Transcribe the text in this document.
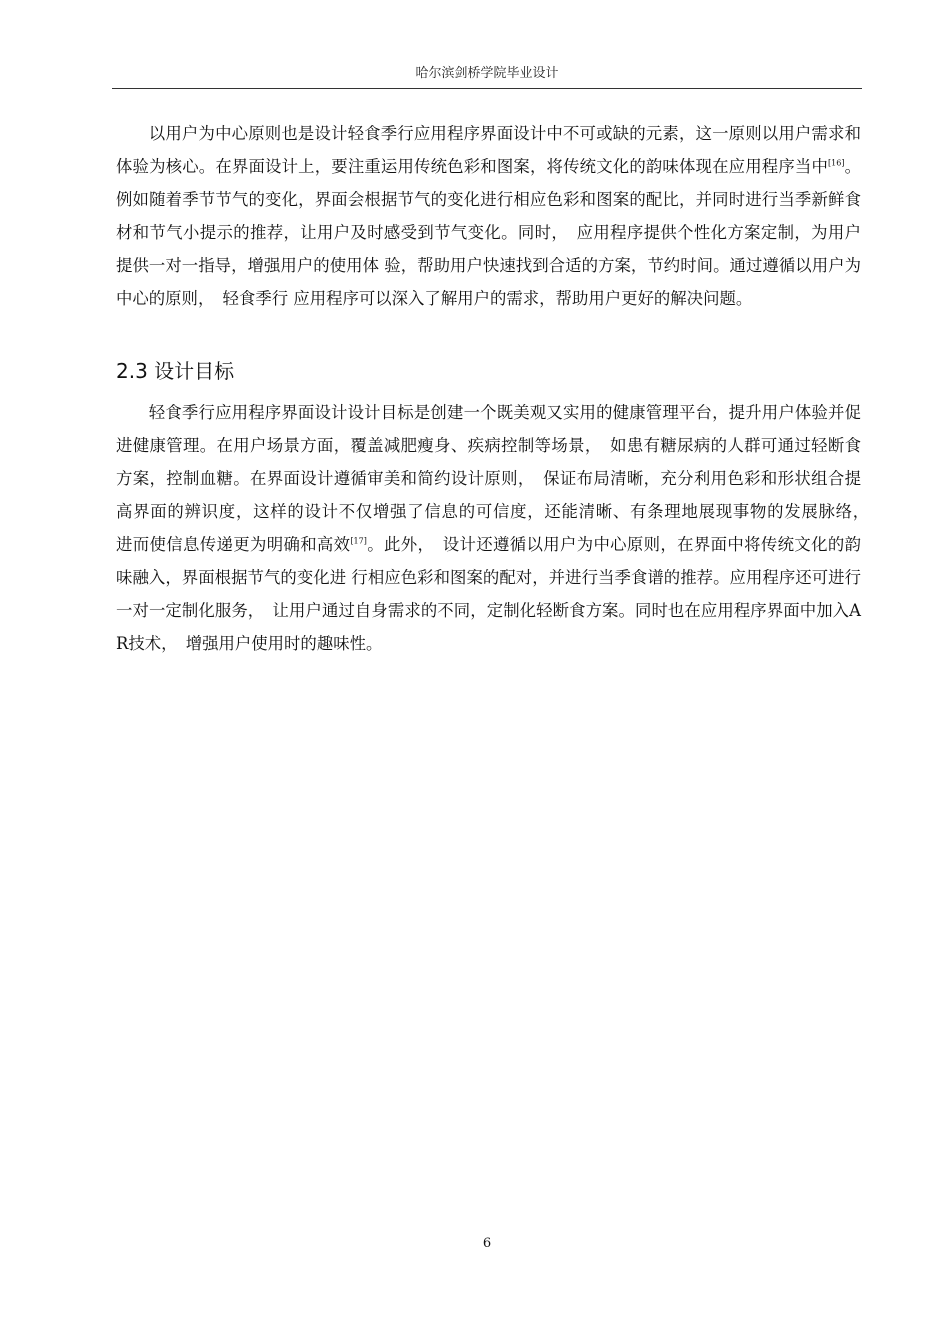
哈尔滨剑桥学院毕业设计

以用户为中心原则也是设计轻食季行应用程序界面设计中不可或缺的元素，这一原则以用户需求和体验为核心。在界面设计上，要注重运用传统色彩和图案，将传统文化的韵味体现在应用程序当中[16]。例如随着季节节气的变化，界面会根据节气的变化进行相应色彩和图案的配比，并同时进行当季新鲜食材和节气小提示的推荐，让用户及时感受到节气变化。同时，　应用程序提供个性化方案定制，为用户提供一对一指导，增强用户的使用体 验，帮助用户快速找到合适的方案，节约时间。通过遵循以用户为中心的原则，　轻食季行 应用程序可以深入了解用户的需求，帮助用户更好的解决问题。

2.3 设计目标

轻食季行应用程序界面设计设计目标是创建一个既美观又实用的健康管理平台，提升用户体验并促进健康管理。在用户场景方面，覆盖减肥瘦身、疾病控制等场景，　如患有糖尿病的人群可通过轻断食方案，控制血糖。在界面设计遵循审美和简约设计原则，　保证布局清晰，充分利用色彩和形状组合提高界面的辨识度，这样的设计不仅增强了信息的可信度，还能清晰、有条理地展现事物的发展脉络，　进而使信息传递更为明确和高效[17]。此外，　设计还遵循以用户为中心原则，在界面中将传统文化的韵味融入，界面根据节气的变化进 行相应色彩和图案的配对，并进行当季食谱的推荐。应用程序还可进行一对一定制化服务，　让用户通过自身需求的不同，定制化轻断食方案。同时也在应用程序界面中加入AR技术，　增强用户使用时的趣味性。

6
